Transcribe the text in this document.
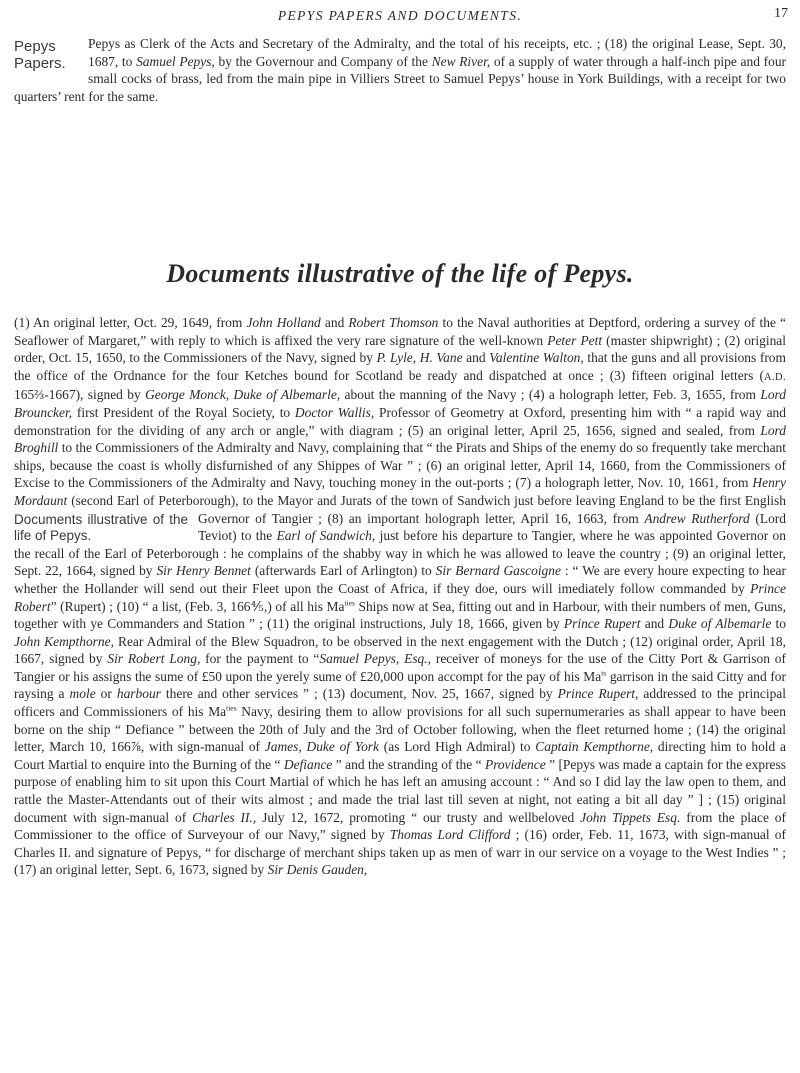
PEPYS PAPERS AND DOCUMENTS.	17

Pepys Papers.
Pepys as Clerk of the Acts and Secretary of the Admiralty, and the total of his receipts, etc. ; (18) the original Lease, Sept. 30, 1687, to Samuel Pepys, by the Governour and Company of the New River, of a supply of water through a half-inch pipe and four small cocks of brass, led from the main pipe in Villiers Street to Samuel Pepys’ house in York Buildings, with a receipt for two quarters’ rent for the same.

Documents illustrative of the life of Pepys.

(1) An original letter, Oct. 29, 1649, from John Holland and Robert Thomson to the Naval authorities at Deptford, ordering a survey of the “ Seaflower of Margaret,” with reply to which is affixed the very rare signature of the well-known Peter Pett (master shipwright) ; (2) original order, Oct. 15, 1650, to the Commissioners of the Navy, signed by P. Lyle, H. Vane and Valentine Walton, that the guns and all provisions from the office of the Ordnance for the four Ketches bound for Scotland be ready and dispatched at once ; (3) fifteen original letters (A.D. 165⅔-1667), signed by George Monck, Duke of Albemarle, about the manning of the Navy ; (4) a holograph letter, Feb. 3, 1655, from Lord Brouncker, first President of the Royal Society, to Doctor Wallis, Professor of Geometry at Oxford, presenting him with “ a rapid way and demonstration for the dividing of any arch or angle,” with diagram ; (5) an original letter, April 25, 1656, signed and sealed, from Lord Broghill to the Commissioners of the Admiralty and Navy, complaining that “ the Pirats and Ships of the enemy do so frequently take merchant ships, because the coast is wholly disfurnished of any Shippes of War ” ; (6) an original letter, April 14, 1660, from the Commissioners of Excise to the Commissioners of the Admiralty and Navy, touching money in the out-ports ; (7) a holograph letter, Nov. 10, 1661, from Henry Mordaunt (second Earl of Peterborough), to the Mayor and Jurats of the town of Sandwich just before leaving England to be the first English Governor of Tangier ; (8) an important holograph letter, April 16, 1663, from
Documents illustrative of the life of Pepys.
Andrew Rutherford (Lord Teviot) to the Earl of Sandwich, just before his departure to Tangier, where he was appointed Governor on the recall of the Earl of Peterborough : he complains of the shabby way in which he was allowed to leave the country ; (9) an original letter, Sept. 22, 1664, signed by Sir Henry Bennet (afterwards Earl of Arlington) to Sir Bernard Gascoigne : “ We are every houre expecting to hear whether the Hollander will send out their Fleet upon the Coast of Africa, if they doe, ours will imediately follow commanded by Prince Robert” (Rupert) ; (10) “ a list, (Feb. 3, 166⅘,) of all his $Ma^{ties}$ Ships now at Sea, fitting out and in Harbour, with their numbers of men, Guns, together with ye Commanders and Station ” ; (11) the original instructions, July 18, 1666, given by Prince Rupert and Duke of Albemarle to John Kempthorne, Rear Admiral of the Blew Squadron, to be observed in the next engagement with the Dutch ; (12) original order, April 18, 1667, signed by Sir Robert Long, for the payment to “Samuel Pepys, Esq., receiver of moneys for the use of the Citty Port & Garrison of Tangier or his assigns the sume of £50 upon the yerely sume of £20,000 upon accompt for the pay of his $Ma^{ts}$ garrison in the said Citty and for raysing a mole or harbour there and other services ” ; (13) document, Nov. 25, 1667, signed by Prince Rupert, addressed to the principal officers and Commissioners of his $Ma^{ties}$ Navy, desiring them to allow provisions for all such supernumeraries as shall appear to have been borne on the ship “ Defiance ” between the 20th of July and the 3rd of October following, when the fleet returned home ; (14) the original letter, March 10, 166⅞, with sign-manual of James, Duke of York (as Lord High Admiral) to Captain Kempthorne, directing him to hold a Court Martial to enquire into the Burning of the “ Defiance ” and the stranding of the “ Providence ” [Pepys was made a captain for the express purpose of enabling him to sit upon this Court Martial of which he has left an amusing account : “ And so I did lay the law open to them, and rattle the Master-Attendants out of their wits almost ; and made the trial last till seven at night, not eating a bit all day ” ] ; (15) original document with sign-manual of Charles II., July 12, 1672, promoting “ our trusty and wellbeloved John Tippets Esq. from the place of Commissioner to the office of Surveyour of our Navy,” signed by Thomas Lord Clifford ; (16) order, Feb. 11, 1673, with sign-manual of Charles II. and signature of Pepys, “ for discharge of merchant ships taken up as men of warr in our service on a voyage to the West Indies ” ; (17) an original letter, Sept. 6, 1673, signed by Sir Denis Gauden,
